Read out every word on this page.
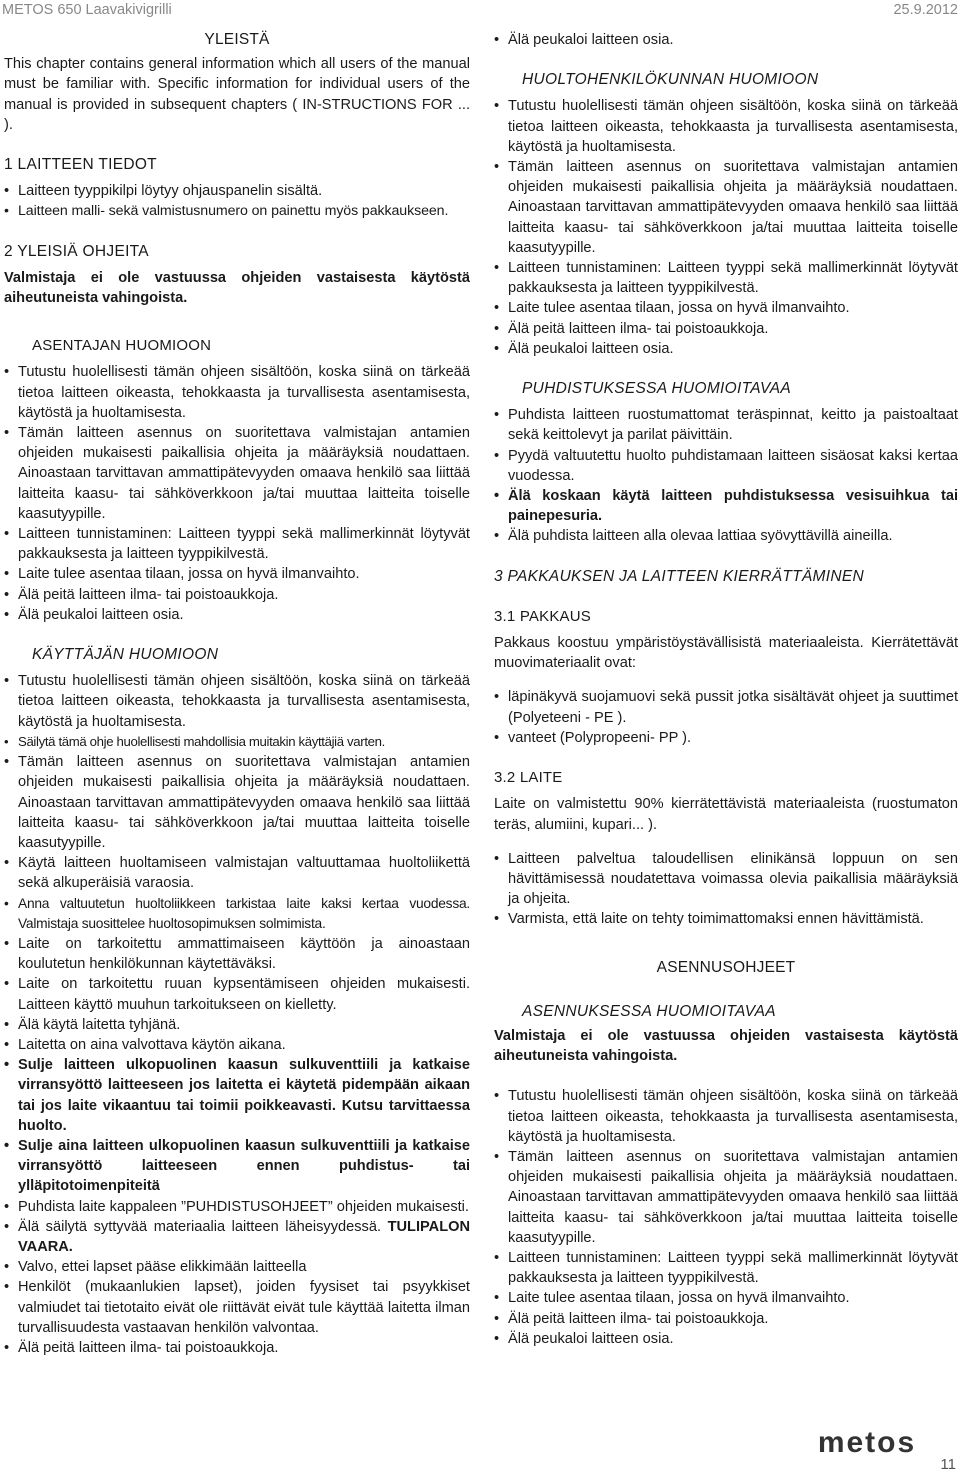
METOS 650 Laavakivigrilli	25.9.2012
YLEISTÄ

This chapter contains general information which all users of the manual must be familiar with. Specific information for individual users of the manual is provided in subsequent chapters ( IN-STRUCTIONS FOR ... ).

1 LAITTEEN TIEDOT
• Laitteen tyyppikilpi löytyy ohjauspanelin sisältä.
• Laitteen malli- sekä valmistusnumero on painettu myös pakkaukseen.
2 YLEISIÄ OHJEITA

Valmistaja ei ole vastuussa ohjeiden vastaisesta käytöstä aiheutuneista vahingoista.

ASENTAJAN HUOMIOON
• Tutustu huolellisesti tämän ohjeen sisältöön, koska siinä on tärkeää tietoa laitteen oikeasta, tehokkaasta ja turvallisesta asentamisesta, käytöstä ja huoltamisesta.
• Tämän laitteen asennus on suoritettava valmistajan antamien ohjeiden mukaisesti paikallisia ohjeita ja määräyksiä noudattaen. Ainoastaan tarvittavan ammattipätevyyden omaava henkilö saa liittää laitteita kaasu- tai sähköverkkoon ja/tai muuttaa laitteita toiselle kaasutyypille.
• Laitteen tunnistaminen: Laitteen tyyppi sekä mallimerkinnät löytyvät pakkauksesta ja laitteen tyyppikilvestä.
• Laite tulee asentaa tilaan, jossa on hyvä ilmanvaihto.
• Älä peitä laitteen ilma- tai poistoaukkoja.
• Älä peukaloi laitteen osia.
KÄYTTÄJÄN HUOMIOON
• Tutustu huolellisesti tämän ohjeen sisältöön, koska siinä on tärkeää tietoa laitteen oikeasta, tehokkaasta ja turvallisesta asentamisesta, käytöstä ja huoltamisesta.
• Säilytä tämä ohje huolellisesti mahdollisia muitakin käyttäjiä varten.
• Tämän laitteen asennus on suoritettava valmistajan antamien ohjeiden mukaisesti paikallisia ohjeita ja määräyksiä noudattaen. Ainoastaan tarvittavan ammattipätevyyden omaava henkilö saa liittää laitteita kaasu- tai sähköverkkoon ja/tai muuttaa laitteita toiselle kaasutyypille.
• Käytä laitteen huoltamiseen valmistajan valtuuttamaa huoltoliikettä sekä alkuperäisiä varaosia.
• Anna valtuutetun huoltoliikkeen tarkistaa laite kaksi kertaa vuodessa. Valmistaja suosittelee huoltosopimuksen solmimista.
• Laite on tarkoitettu ammattimaiseen käyttöön ja ainoastaan koulutetun henkilökunnan käytettäväksi.
• Laite on tarkoitettu ruuan kypsentämiseen ohjeiden mukaisesti. Laitteen käyttö muuhun tarkoitukseen on kielletty.
• Älä käytä laitetta tyhjänä.
• Laitetta on aina valvottava käytön aikana.
• Sulje laitteen ulkopuolinen kaasun sulkuventtiili ja katkaise virransyöttö laitteeseen jos laitetta ei käytetä pidempään aikaan tai jos laite vikaantuu tai toimii poikkeavasti. Kutsu tarvittaessa huolto.
• Sulje aina laitteen ulkopuolinen kaasun sulkuventtiili ja katkaise virransyöttö laitteeseen ennen puhdistus- tai ylläpitotoimenpiteitä
• Puhdista laite kappaleen ”PUHDISTUSOHJEET” ohjeiden mukaisesti.
• Älä säilytä syttyvää materiaalia laitteen läheisyydessä. TULIPALON VAARA.
• Valvo, ettei lapset pääse elikkimään laitteella
• Henkilöt (mukaanlukien lapset), joiden fyysiset tai psyykkiset valmiudet tai tietotaito eivät ole riittävät eivät tule käyttää laitetta ilman turvallisuudesta vastaavan henkilön valvontaa.
• Älä peitä laitteen ilma- tai poistoaukkoja.
• Älä peukaloi laitteen osia.
HUOLTOHENKILÖKUNNAN HUOMIOON
• Tutustu huolellisesti tämän ohjeen sisältöön, koska siinä on tärkeää tietoa laitteen oikeasta, tehokkaasta ja turvallisesta asentamisesta, käytöstä ja huoltamisesta.
• Tämän laitteen asennus on suoritettava valmistajan antamien ohjeiden mukaisesti paikallisia ohjeita ja määräyksiä noudattaen. Ainoastaan tarvittavan ammattipätevyyden omaava henkilö saa liittää laitteita kaasu- tai sähköverkkoon ja/tai muuttaa laitteita toiselle kaasutyypille.
• Laitteen tunnistaminen: Laitteen tyyppi sekä mallimerkinnät löytyvät pakkauksesta ja laitteen tyyppikilvestä.
• Laite tulee asentaa tilaan, jossa on hyvä ilmanvaihto.
• Älä peitä laitteen ilma- tai poistoaukkoja.
• Älä peukaloi laitteen osia.
PUHDISTUKSESSA HUOMIOITAVAA
• Puhdista laitteen ruostumattomat teräspinnat, keitto ja paistoaltaat sekä keittolevyt ja parilat päivittäin.
• Pyydä valtuutettu huolto puhdistamaan laitteen sisäosat kaksi kertaa vuodessa.
• Älä koskaan käytä laitteen puhdistuksessa vesisuihkua tai painepesuria.
• Älä puhdista laitteen alla olevaa lattiaa syövyttävillä aineilla.
3 PAKKAUKSEN JA LAITTEEN KIERRÄTTÄMINEN
3.1 PAKKAUS

Pakkaus koostuu ympäristöystävällisistä materiaaleista. Kierrätettävät muovimateriaalit ovat:

• läpinäkyvä suojamuovi sekä pussit jotka sisältävät ohjeet ja suuttimet (Polyeteeni - PE ).
• vanteet (Polypropeeni- PP ).
3.2 LAITE

Laite on valmistettu 90% kierrätettävistä materiaaleista (ruostumaton teräs, alumiini, kupari... ).

• Laitteen palveltua taloudellisen elinikänsä loppuun on sen hävittämisessä noudatettava voimassa olevia paikallisia määräyksiä ja ohjeita.
• Varmista, että laite on tehty toimimattomaksi ennen hävittämistä.
ASENNUSOHJEET
ASENNUKSESSA HUOMIOITAVAA

Valmistaja ei ole vastuussa ohjeiden vastaisesta käytöstä aiheutuneista vahingoista.

• Tutustu huolellisesti tämän ohjeen sisältöön, koska siinä on tärkeää tietoa laitteen oikeasta, tehokkaasta ja turvallisesta asentamisesta, käytöstä ja huoltamisesta.
• Tämän laitteen asennus on suoritettava valmistajan antamien ohjeiden mukaisesti paikallisia ohjeita ja määräyksiä noudattaen. Ainoastaan tarvittavan ammattipätevyyden omaava henkilö saa liittää laitteita kaasu- tai sähköverkkoon ja/tai muuttaa laitteita toiselle kaasutyypille.
• Laitteen tunnistaminen: Laitteen tyyppi sekä mallimerkinnät löytyvät pakkauksesta ja laitteen tyyppikilvestä.
• Laite tulee asentaa tilaan, jossa on hyvä ilmanvaihto.
• Älä peitä laitteen ilma- tai poistoaukkoja.
• Älä peukaloi laitteen osia.
metos
11
